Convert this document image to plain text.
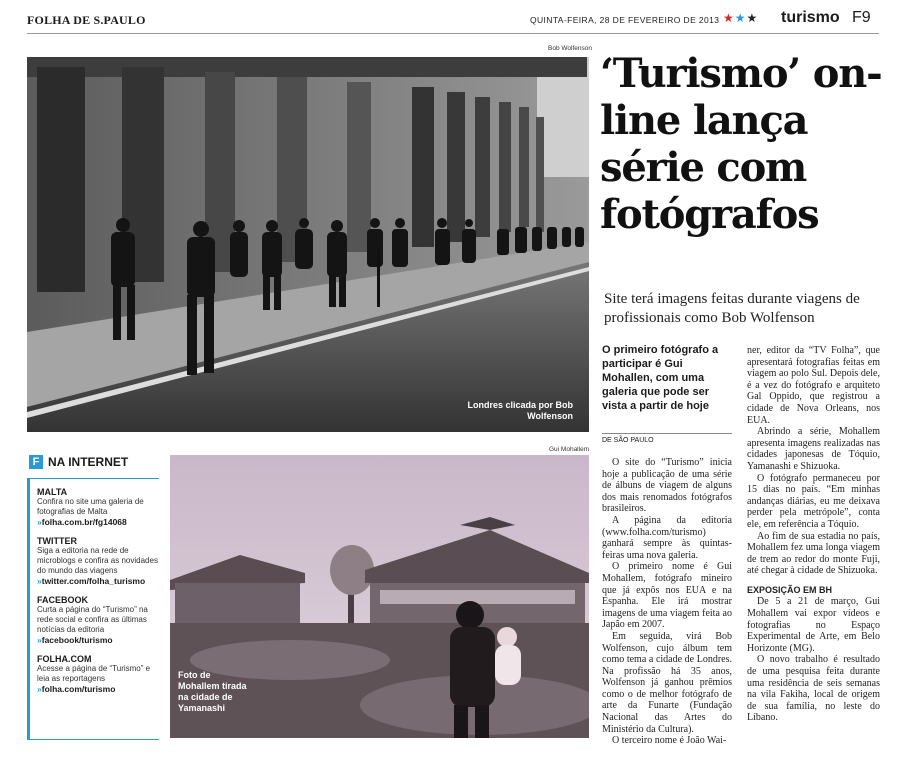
FOLHA DE S.PAULO	QUINTA-FEIRA, 28 DE FEVEREIRO DE 2013 ★★★ turismo F9
Bob Wolfenson
Londres clicada por Bob Wolfenson
‘Turismo’ on-line lança série com fotógrafos
Site terá imagens feitas durante viagens de profissionais como Bob Wolfenson
O primeiro fotógrafo a participar é Gui Mohallen, com uma galeria que pode ser vista a partir de hoje
DE SÃO PAULO

O site do “Turismo” inicia hoje a publicação de uma série de álbuns de viagem de alguns dos mais renomados fotógrafos brasileiros.

A página da editoria (www.folha.com/turismo) ganhará sempre às quintas-feiras uma nova galeria.

O primeiro nome é Gui Mohallem, fotógrafo mineiro que já expôs nos EUA e na Espanha. Ele irá mostrar imagens de uma viagem feita ao Japão em 2007.

Em seguida, virá Bob Wolfenson, cujo álbum tem como tema a cidade de Londres. Na profissão há 35 anos, Wolfenson já ganhou prêmios como o de melhor fotógrafo de arte da Funarte (Fundação Nacional das Artes do Ministério da Cultura).

O terceiro nome é João Wai-

ner, editor da “TV Folha”, que apresentará fotografias feitas em viagem ao polo Sul. Depois dele, é a vez do fotógrafo e arquiteto Gal Oppido, que registrou a cidade de Nova Orleans, nos EUA.

Abrindo a série, Mohallem apresenta imagens realizadas nas cidades japonesas de Tóquio, Yamanashi e Shizuoka.

O fotógrafo permaneceu por 15 dias no país. “Em minhas andanças diárias, eu me deixava perder pela metrópole”, conta ele, em referência a Tóquio.

Ao fim de sua estadia no país, Mohallem fez uma longa viagem de trem ao redor do monte Fuji, até chegar à cidade de Shizuoka.

EXPOSIÇÃO EM BH

De 5 a 21 de março, Gui Mohallem vai expor vídeos e fotografias no Espaço Experimental de Arte, em Belo Horizonte (MG).

O novo trabalho é resultado de uma pesquisa feita durante uma residência de seis semanas na vila Fakiha, local de origem de sua família, no leste do Líbano.

Gui Mohallem
Foto de Mohallem tirada na cidade de Yamanashi
F NA INTERNET
MALTA
Confira no site uma galeria de fotografias de Malta
»folha.com.br/fg14068
TWITTER
Siga a editoria na rede de microblogs e confira as novidades do mundo das viagens
»twitter.com/folha_turismo
FACEBOOK
Curta a página do “Turismo” na rede social e confira as últimas notícias da editoria
»facebook/turismo
FOLHA.COM
Acesse a página de “Turismo” e leia as reportagens
»folha.com/turismo
